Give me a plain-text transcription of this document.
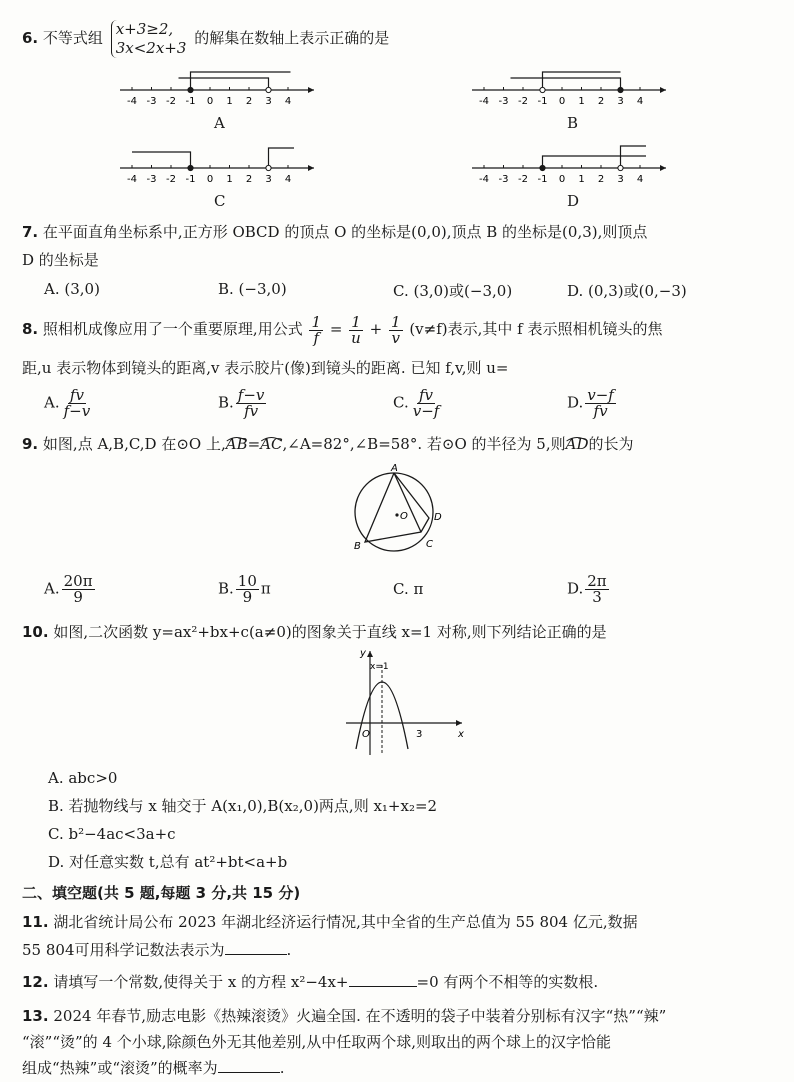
6. 不等式组 x+3≥2,
3x<2x+3
的解集在数轴上表示正确的是
-4 -3 -2 -1 0 1 2 3 4	-4 -3 -2 -1 0 1 2 3 4
-4 -3 -2 -1 0 1 2 3 4	-4 -3 -2 -1 0 1 2 3 4
A	B
C	D
7. 在平面直角坐标系中,正方形 OBCD 的顶点 O 的坐标是(0,0),顶点 B 的坐标是(0,3),则顶点
D 的坐标是
A. (3,0)	B. (−3,0)	C. (3,0)或(−3,0)	D. (0,3)或(0,−3)
8. 照相机成像应用了一个重要原理,用公式 $\frac{1}{f} = \frac{1}{u} + \frac{1}{v} (v\ne f)$表示,其中 f 表示照相机镜头的焦
距,u 表示物体到镜头的距离,v 表示胶片(像)到镜头的距离. 已知 f,v,则 u=
A. $\frac{fv}{f-v}$	B. $\frac{f-v}{fv}$	C. $\frac{fv}{v-f}$	D. $\frac{v-f}{fv}$
9. 如图,点 A,B,C,D 在⊙O 上,AB=AC,∠A=82°,∠B=58°. 若⊙O 的半径为 5,则AD的长为
A
B	C
D
O
A. $\frac{20\pi}{9}$	B. $\frac{10}{9}$ π	C. π	D. $\frac{2\pi}{3}$
10. 如图,二次函数 y=ax²+bx+c(a≠0)的图象关于直线 x=1 对称,则下列结论正确的是
y
x
O	3
x=1
A. abc>0
B. 若抛物线与 x 轴交于 A(x₁,0),B(x₂,0)两点,则 x₁+x₂=2
C. b²−4ac<3a+c
D. 对任意实数 t,总有 at²+bt<a+b
二、填空题(共 5 题,每题 3 分,共 15 分)
11. 湖北省统计局公布 2023 年湖北经济运行情况,其中全省的生产总值为 55 804 亿元,数据
55 804可用科学记数法表示为	.
12. 请填写一个常数,使得关于 x 的方程 x²−4x+	=0 有两个不相等的实数根.
13. 2024 年春节,励志电影《热辣滚烫》火遍全国. 在不透明的袋子中装着分别标有汉字“热”“辣”
“滚”“烫”的 4 个小球,除颜色外无其他差别,从中任取两个球,则取出的两个球上的汉字恰能
组成“热辣”或“滚烫”的概率为	.
